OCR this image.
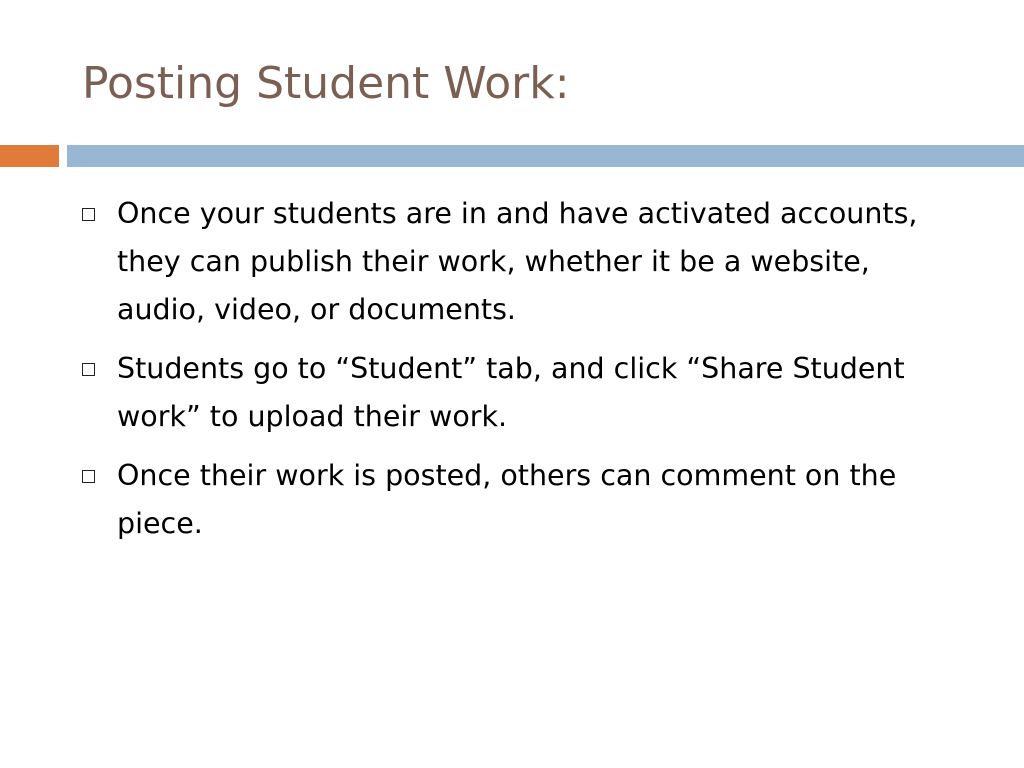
Posting Student Work:
Once your students are in and have activated accounts, they can publish their work, whether it be a website, audio, video, or documents.
Students go to “Student” tab, and click “Share Student work” to upload their work.
Once their work is posted, others can comment on the piece.
